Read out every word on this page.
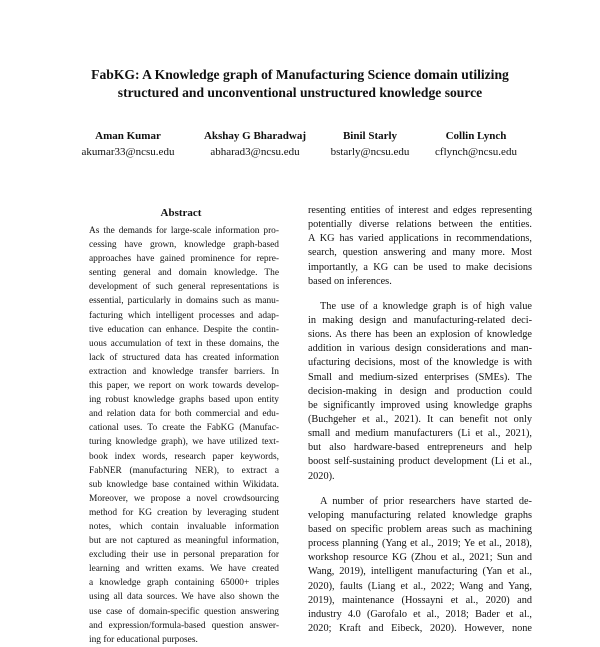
FabKG: A Knowledge graph of Manufacturing Science domain utilizing
structured and unconventional unstructured knowledge source
Aman Kumar
akumar33@ncsu.edu
Akshay G Bharadwaj
abharad3@ncsu.edu
Binil Starly
bstarly@ncsu.edu
Collin Lynch
cflynch@ncsu.edu
Abstract
As the demands for large-scale information pro-
cessing have grown, knowledge graph-based
approaches have gained prominence for repre-
senting general and domain knowledge. The
development of such general representations is
essential, particularly in domains such as manu-
facturing which intelligent processes and adap-
tive education can enhance. Despite the contin-
uous accumulation of text in these domains, the
lack of structured data has created information
extraction and knowledge transfer barriers. In
this paper, we report on work towards develop-
ing robust knowledge graphs based upon entity
and relation data for both commercial and edu-
cational uses. To create the FabKG (Manufac-
turing knowledge graph), we have utilized text-
book index words, research paper keywords,
FabNER (manufacturing NER), to extract a
sub knowledge base contained within Wikidata.
Moreover, we propose a novel crowdsourcing
method for KG creation by leveraging student
notes, which contain invaluable information
but are not captured as meaningful information,
excluding their use in personal preparation for
learning and written exams. We have created
a knowledge graph containing 65000+ triples
using all data sources. We have also shown the
use case of domain-specific question answering
and expression/formula-based question answer-
ing for educational purposes.
resenting entities of interest and edges representing
potentially diverse relations between the entities.
A KG has varied applications in recommendations,
search, question answering and many more. Most
importantly, a KG can be used to make decisions
based on inferences.
The use of a knowledge graph is of high value
in making design and manufacturing-related deci-
sions. As there has been an explosion of knowledge
addition in various design considerations and man-
ufacturing decisions, most of the knowledge is with
Small and medium-sized enterprises (SMEs). The
decision-making in design and production could
be significantly improved using knowledge graphs
(Buchgeher et al., 2021). It can benefit not only
small and medium manufacturers (Li et al., 2021),
but also hardware-based entrepreneurs and help
boost self-sustaining product development (Li et al.,
2020).
A number of prior researchers have started de-
veloping manufacturing related knowledge graphs
based on specific problem areas such as machining
process planning (Yang et al., 2019; Ye et al., 2018),
workshop resource KG (Zhou et al., 2021; Sun and
Wang, 2019), intelligent manufacturing (Yan et al.,
2020), faults (Liang et al., 2022; Wang and Yang,
2019), maintenance (Hossayni et al., 2020) and
industry 4.0 (Garofalo et al., 2018; Bader et al.,
2020; Kraft and Eibeck, 2020). However, none
